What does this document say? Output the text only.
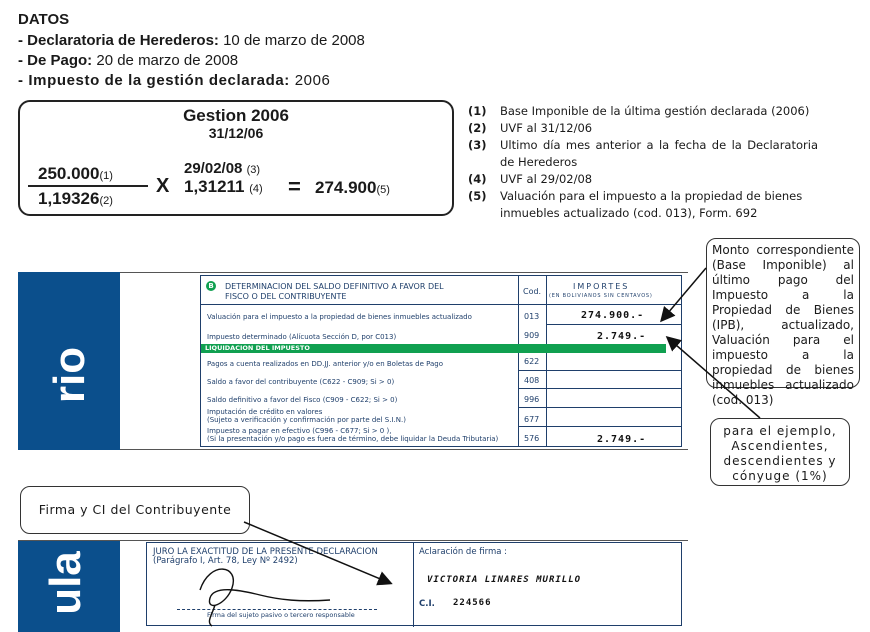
DATOS
- Declaratoria de Herederos: 10 de marzo de 2008
- De Pago: 20 de marzo de 2008
- Impuesto de la gestión declarada: 2006
Gestion 2006
31/12/06
250.000(1)
1,19326(2)
X
29/02/08 (3)
1,31211 (4) = 274.900(5)
(1) Base Imponible de la última gestión declarada (2006)
(2) UVF al 31/12/06
(3) Ultimo día mes anterior a la fecha de la Declaratoria de Herederos
(4) UVF al 29/02/08
(5) Valuación para el impuesto a la propiedad de bienes inmuebles actualizado (cod. 013), Form. 692
rio
B DETERMINACION DEL SALDO DEFINITIVO A FAVOR DEL
FISCO O DEL CONTRIBUYENTE
Cod.
IMPORTES
(EN BOLIVIANOS SIN CENTAVOS)
Valuación para el impuesto a la propiedad de bienes inmuebles actualizado	013	274.900.-
Impuesto determinado (Alícuota Sección D, por C013)	909	2.749.-
LIQUIDACION DEL IMPUESTO
Pagos a cuenta realizados en DD.JJ. anterior y/o en Boletas de Pago	622
Saldo a favor del contribuyente (C622 - C909; Si > 0)	408
Saldo definitivo a favor del Fisco (C909 - C622; Si > 0)	996
Imputación de crédito en valores
(Sujeto a verificación y confirmación por parte del S.I.N.)	677
Impuesto a pagar en efectivo (C996 - C677; Si > 0 ),
(Si la presentación y/o pago es fuera de término, debe liquidar la Deuda Tributaria)	576	2.749.-
Monto correspondiente (Base Imponible) al último pago del Impuesto a la Propiedad de Bienes (IPB), actualizado, Valuación para el impuesto a la propiedad de bienes inmuebles actualizado (cod. 013)
para el ejemplo, Ascendientes, descendientes y cónyuge (1%)
Firma y CI del Contribuyente
ula	JURO LA EXACTITUD DE LA PRESENTE DECLARACION
(Parágrafo I, Art. 78, Ley Nº 2492)
Firma del sujeto pasivo o tercero responsable
Aclaración de firma :
VICTORIA LINARES MURILLO
C.I. 224566
